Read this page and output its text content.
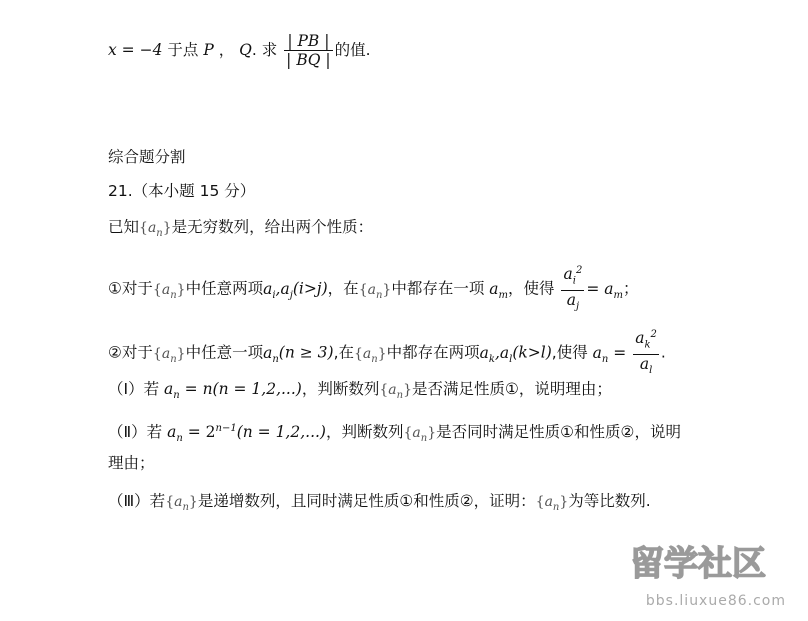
x = −4 于点 P ， Q. 求 $\frac{| PB |}{| BQ |}$ 的值.
综合题分割
21.（本小题 15 分）
已知$\{a_n\}$是无穷数列，给出两个性质：
①对于$\{a_n\}$中任意两项$a_i,a_j(i>j)$，在$\{a_n\}$中都存在一项 $a_m$，使得 $\frac{a_i^2}{a_j} = a_m$；
②对于$\{a_n\}$中任意一项$a_n(n \ge 3)$,在$\{a_n\}$中都存在两项$a_k,a_l(k>l)$,使得 $a_n = \frac{a_k^2}{a_l}$ .
（Ⅰ）若 $a_n = n(n = 1,2,...)$，判断数列$\{a_n\}$是否满足性质①，说明理由；
（Ⅱ）若 $a_n = 2^{n-1}(n = 1,2,...)$，判断数列$\{a_n\}$是否同时满足性质①和性质②，说明
理由；
（Ⅲ）若$\{a_n\}$是递增数列，且同时满足性质①和性质②，证明：$\{a_n\}$为等比数列.
留学社区
bbs.liuxue86.com
